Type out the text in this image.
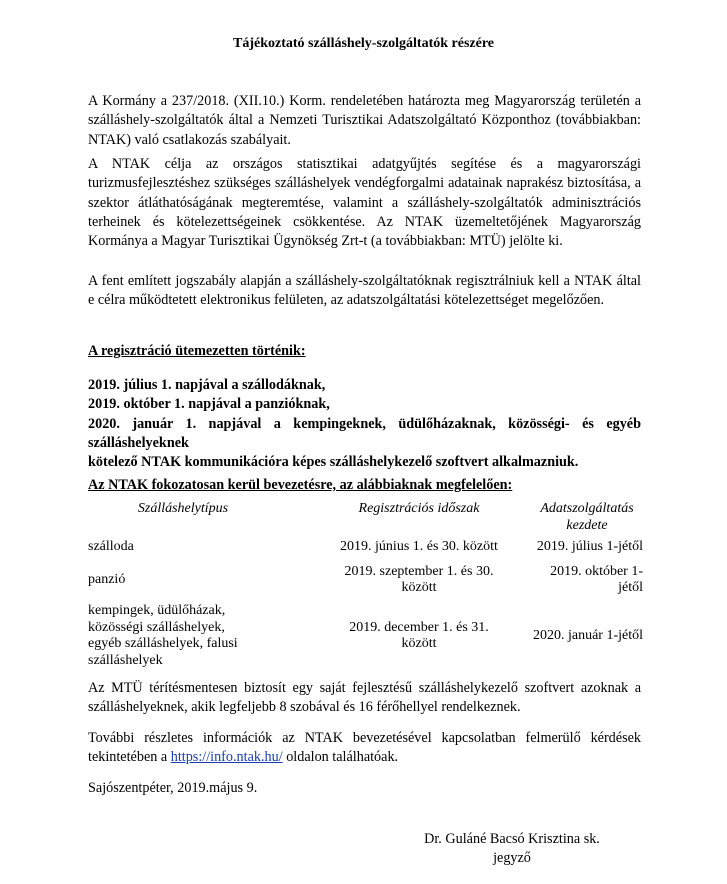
Tájékoztató szálláshely-szolgáltatók részére
A Kormány a 237/2018. (XII.10.) Korm. rendeletében határozta meg Magyarország területén a szálláshely-szolgáltatók által a Nemzeti Turisztikai Adatszolgáltató Központhoz (továbbiakban: NTAK) való csatlakozás szabályait.
A NTAK célja az országos statisztikai adatgyűjtés segítése és a magyarországi turizmusfejlesztéshez szükséges szálláshelyek vendégforgalmi adatainak naprakész biztosítása, a szektor átláthatóságának megteremtése, valamint a szálláshely-szolgáltatók adminisztrációs terheinek és kötelezettségeinek csökkentése. Az NTAK üzemeltetőjének Magyarország Kormánya a Magyar Turisztikai Ügynökség Zrt-t (a továbbiakban: MTÜ) jelölte ki.
A fent említett jogszabály alapján a szálláshely-szolgáltatóknak regisztrálniuk kell a NTAK által e célra működtetett elektronikus felületen, az adatszolgáltatási kötelezettséget megelőzően.
A regisztráció ütemezetten történik:
2019. július 1. napjával a szállodáknak,
2019. október 1. napjával a panzióknak,
2020. január 1. napjával a kempingeknek, üdülőházaknak, közösségi- és egyéb szálláshelyeknek
kötelező NTAK kommunikációra képes szálláshelykezelő szoftvert alkalmazniuk.
Az NTAK fokozatosan kerül bevezetésre, az alábbiaknak megfelelően:
Szálláshelytípus	Regisztrációs időszak	Adatszolgáltatás kezdete

szálloda	2019. június 1. és 30. között	2019. július 1-jétől
panzió	2019. szeptember 1. és 30. között	2019. október 1-jétől

kempingek, üdülőházak, közösségi szálláshelyek, egyéb szálláshelyek, falusi szálláshelyek	2019. december 1. és 31. között	2020. január 1-jétől
Az MTÜ térítésmentesen biztosít egy saját fejlesztésű szálláshelykezelő szoftvert azoknak a szálláshelyeknek, akik legfeljebb 8 szobával és 16 férőhellyel rendelkeznek.
További részletes információk az NTAK bevezetésével kapcsolatban felmerülő kérdések tekintetében a https://info.ntak.hu/ oldalon találhatóak.
Sajószentpéter, 2019.május 9.
Dr. Guláné Bacsó Krisztina sk.
jegyző
